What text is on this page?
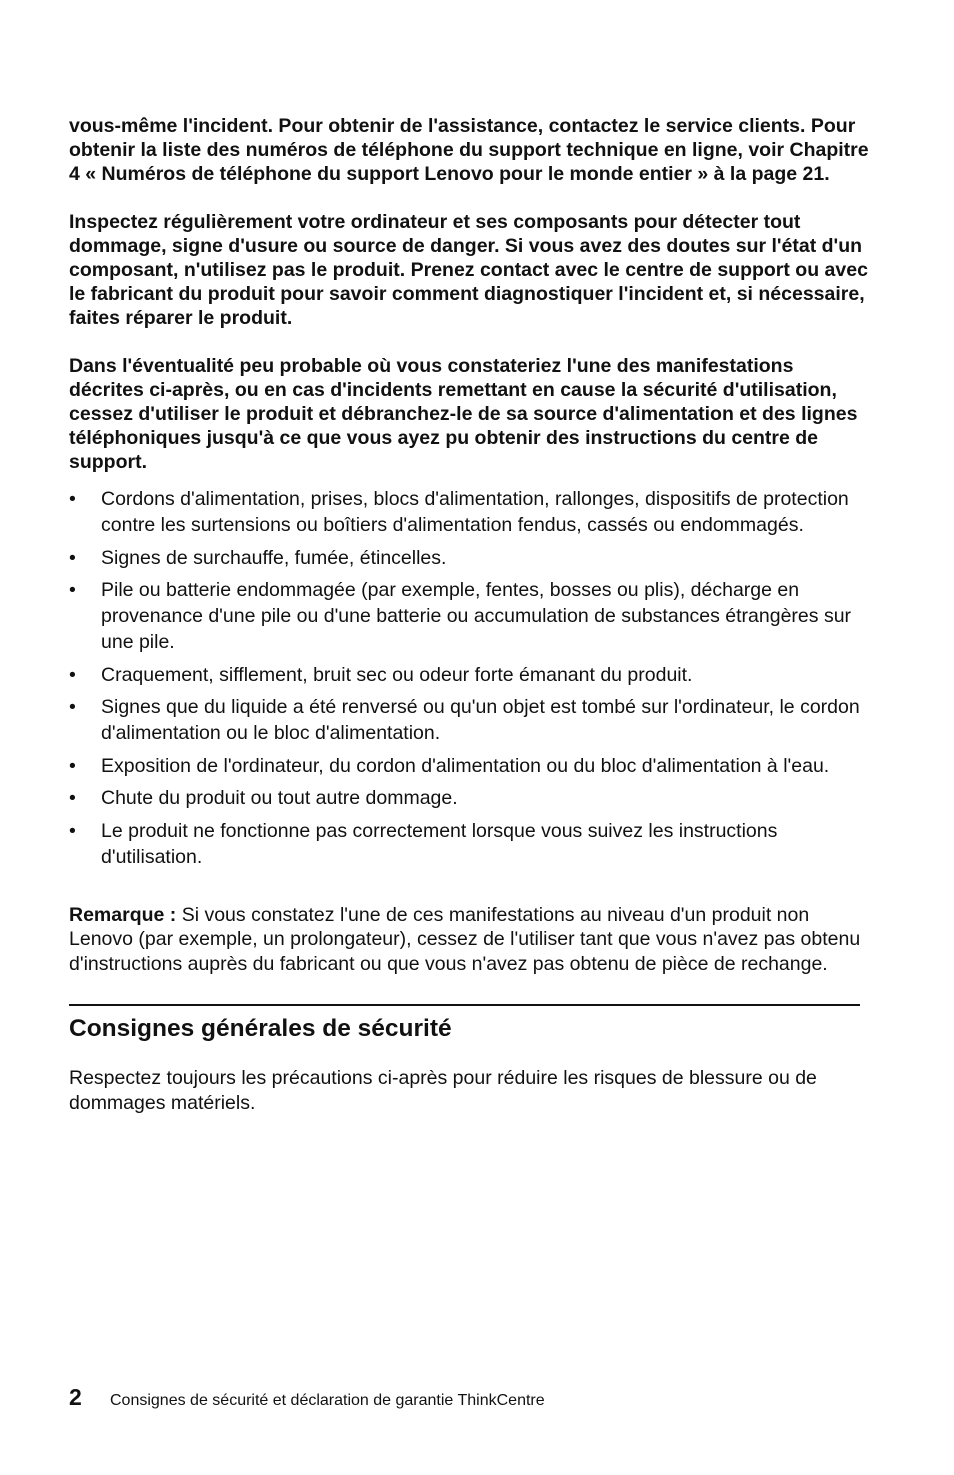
vous-même l'incident. Pour obtenir de l'assistance, contactez le service clients. Pour obtenir la liste des numéros de téléphone du support technique en ligne, voir Chapitre 4 « Numéros de téléphone du support Lenovo pour le monde entier » à la page 21.

Inspectez régulièrement votre ordinateur et ses composants pour détecter tout dommage, signe d'usure ou source de danger. Si vous avez des doutes sur l'état d'un composant, n'utilisez pas le produit. Prenez contact avec le centre de support ou avec le fabricant du produit pour savoir comment diagnostiquer l'incident et, si nécessaire, faites réparer le produit.

Dans l'éventualité peu probable où vous constateriez l'une des manifestations décrites ci-après, ou en cas d'incidents remettant en cause la sécurité d'utilisation, cessez d'utiliser le produit et débranchez-le de sa source d'alimentation et des lignes téléphoniques jusqu'à ce que vous ayez pu obtenir des instructions du centre de support.

• Cordons d'alimentation, prises, blocs d'alimentation, rallonges, dispositifs de protection contre les surtensions ou boîtiers d'alimentation fendus, cassés ou endommagés.
• Signes de surchauffe, fumée, étincelles.
• Pile ou batterie endommagée (par exemple, fentes, bosses ou plis), décharge en provenance d'une pile ou d'une batterie ou accumulation de substances étrangères sur une pile.
• Craquement, sifflement, bruit sec ou odeur forte émanant du produit.
• Signes que du liquide a été renversé ou qu'un objet est tombé sur l'ordinateur, le cordon d'alimentation ou le bloc d'alimentation.
• Exposition de l'ordinateur, du cordon d'alimentation ou du bloc d'alimentation à l'eau.
• Chute du produit ou tout autre dommage.
• Le produit ne fonctionne pas correctement lorsque vous suivez les instructions d'utilisation.

Remarque : Si vous constatez l'une de ces manifestations au niveau d'un produit non Lenovo (par exemple, un prolongateur), cessez de l'utiliser tant que vous n'avez pas obtenu d'instructions auprès du fabricant ou que vous n'avez pas obtenu de pièce de rechange.

Consignes générales de sécurité

Respectez toujours les précautions ci-après pour réduire les risques de blessure ou de dommages matériels.

2	Consignes de sécurité et déclaration de garantie ThinkCentre
